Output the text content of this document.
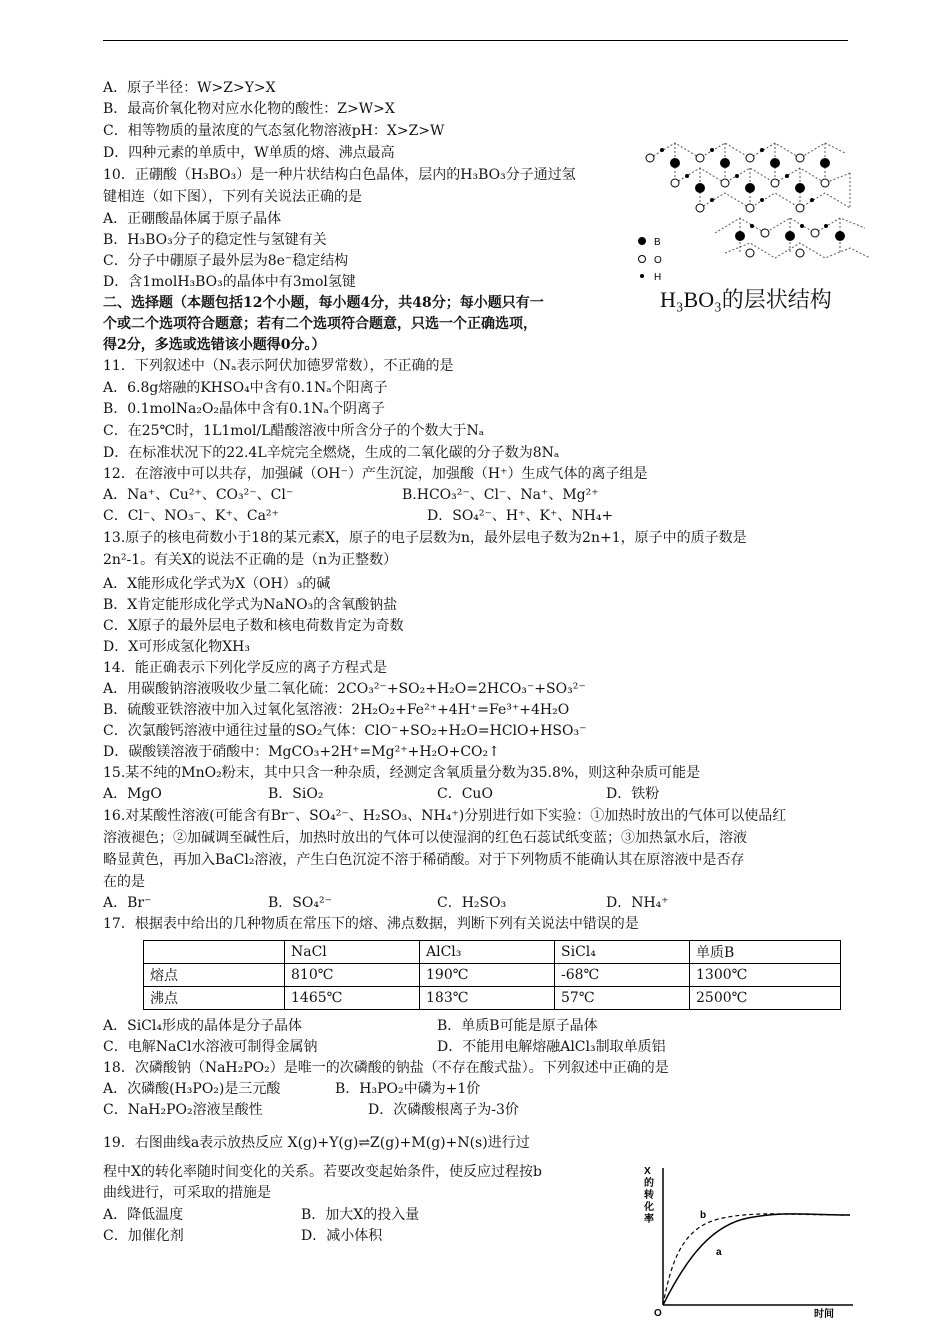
A．原子半径：W>Z>Y>X
B．最高价氧化物对应水化物的酸性：Z>W>X
C．相等物质的量浓度的气态氢化物溶液pH：X>Z>W
D．四种元素的单质中，W单质的熔、沸点最高
10．正硼酸（H₃BO₃）是一种片状结构白色晶体，层内的H₃BO₃分子通过氢
键相连（如下图），下列有关说法正确的是
A．正硼酸晶体属于原子晶体
B．H₃BO₃分子的稳定性与氢键有关
C．分子中硼原子最外层为8e⁻稳定结构
D．含1molH₃BO₃的晶体中有3mol氢键
二、选择题（本题包括12个小题，每小题4分，共48分；每小题只有一
个或二个选项符合题意；若有二个选项符合题意，只选一个正确选项，
得2分，多选或选错该小题得0分。）
11．下列叙述中（Nₐ表示阿伏加德罗常数），不正确的是
A．6.8g熔融的KHSO₄中含有0.1Nₐ个阳离子
B．0.1molNa₂O₂晶体中含有0.1Nₐ个阴离子
C．在25℃时，1L1mol/L醋酸溶液中所含分子的个数大于Nₐ
D．在标准状况下的22.4L辛烷完全燃烧，生成的二氧化碳的分子数为8Nₐ
12．在溶液中可以共存，加强碱（OH⁻）产生沉淀，加强酸（H⁺）生成气体的离子组是
A．Na⁺、Cu²⁺、CO₃²⁻、Cl⁻	B.HCO₃²⁻、Cl⁻、Na⁺、Mg²⁺
C．Cl⁻、NO₃⁻、K⁺、Ca²⁺	D．SO₄²⁻、H⁺、K⁺、NH₄+
13.原子的核电荷数小于18的某元素X，原子的电子层数为n，最外层电子数为2n+1，原子中的质子数是
2n²-1。有关X的说法不正确的是（n为正整数）
A．X能形成化学式为X（OH）₃的碱
B．X肯定能形成化学式为NaNO₃的含氧酸钠盐
C．X原子的最外层电子数和核电荷数肯定为奇数
D．X可形成氢化物XH₃
14．能正确表示下列化学反应的离子方程式是
A．用碳酸钠溶液吸收少量二氧化硫：2CO₃²⁻+SO₂+H₂O=2HCO₃⁻+SO₃²⁻
B．硫酸亚铁溶液中加入过氧化氢溶液：2H₂O₂+Fe²⁺+4H⁺=Fe³⁺+4H₂O
C．次氯酸钙溶液中通往过量的SO₂气体：ClO⁻+SO₂+H₂O=HClO+HSO₃⁻
D．碳酸镁溶液于硝酸中：MgCO₃+2H⁺=Mg²⁺+H₂O+CO₂↑
15.某不纯的MnO₂粉末，其中只含一种杂质，经测定含氧质量分数为35.8%，则这种杂质可能是
A．MgO	B．SiO₂	C．CuO	D．铁粉
16.对某酸性溶液(可能含有Br⁻、SO₄²⁻、H₂SO₃、NH₄⁺)分别进行如下实验：①加热时放出的气体可以使品红
溶液褪色；②加碱调至碱性后，加热时放出的气体可以使湿润的红色石蕊试纸变蓝；③加热氯水后，溶液
略显黄色，再加入BaCl₂溶液，产生白色沉淀不溶于稀硝酸。对于下列物质不能确认其在原溶液中是否存
在的是
A．Br⁻	B．SO₄²⁻	C．H₂SO₃	D．NH₄⁺
17．根据表中给出的几种物质在常压下的熔、沸点数据，判断下列有关说法中错误的是
	NaCl	AlCl₃	SiCl₄	单质B
熔点	810℃	190℃	-68℃	1300℃
沸点	1465℃	183℃	57℃	2500℃
A．SiCl₄形成的晶体是分子晶体	B．单质B可能是原子晶体
C．电解NaCl水溶液可制得金属钠	D．不能用电解熔融AlCl₃制取单质铝
18．次磷酸钠（NaH₂PO₂）是唯一的次磷酸的钠盐（不存在酸式盐）。下列叙述中正确的是
A．次磷酸(H₃PO₂)是三元酸	B．H₃PO₂中磷为+1价
C．NaH₂PO₂溶液呈酸性	D．次磷酸根离子为-3价
19．右图曲线a表示放热反应 X(g)+Y(g)⇌Z(g)+M(g)+N(s)进行过
程中X的转化率随时间变化的关系。若要改变起始条件，使反应过程按b
曲线进行，可采取的措施是
A．降低温度	B．加大X的投入量
C．加催化剂	D．减小体积
B
O
H
H₃BO₃的层状结构
X 的转化率
O	时间
a
b
